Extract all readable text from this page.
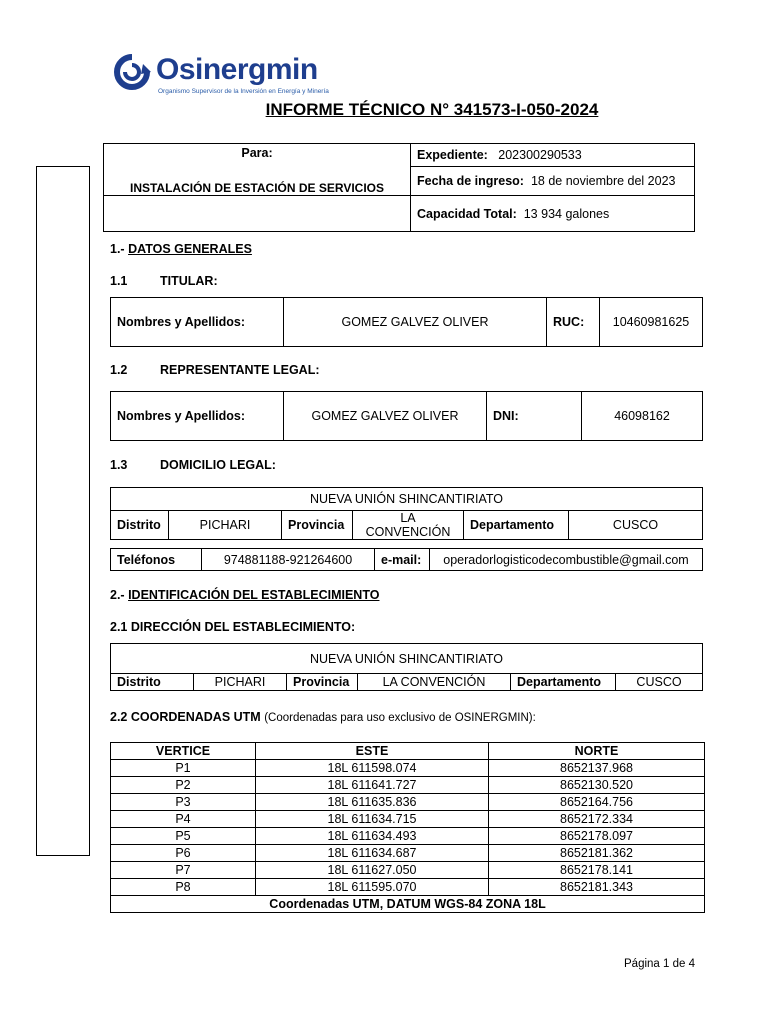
Osinergmin
Organismo Supervisor de la Inversión en Energía y Minería
INFORME TÉCNICO N° 341573-I-050-2024
Para:
INSTALACIÓN DE ESTACIÓN DE SERVICIOS	Expediente: 202300290533
	Fecha de ingreso: 18 de noviembre del 2023
	Capacidad Total: 13 934 galones
1.- DATOS GENERALES
1.1	TITULAR:
Nombres y Apellidos:	GOMEZ GALVEZ OLIVER	RUC:	10460981625
1.2	REPRESENTANTE LEGAL:
Nombres y Apellidos:	GOMEZ GALVEZ OLIVER	DNI:	46098162
1.3	DOMICILIO LEGAL:
NUEVA UNIÓN SHINCANTIRIATO
Distrito	PICHARI	Provincia	LA CONVENCIÓN	Departamento	CUSCO
Teléfonos	974881188-921264600	e-mail:	operadorlogisticodecombustible@gmail.com
2.- IDENTIFICACIÓN DEL ESTABLECIMIENTO
2.1 DIRECCIÓN DEL ESTABLECIMIENTO:
NUEVA UNIÓN SHINCANTIRIATO
Distrito	PICHARI	Provincia	LA CONVENCIÓN	Departamento	CUSCO
2.2 COORDENADAS UTM (Coordenadas para uso exclusivo de OSINERGMIN):
VERTICE	ESTE	NORTE
P1	18L 611598.074	8652137.968
P2	18L 611641.727	8652130.520
P3	18L 611635.836	8652164.756
P4	18L 611634.715	8652172.334
P5	18L 611634.493	8652178.097
P6	18L 611634.687	8652181.362
P7	18L 611627.050	8652178.141
P8	18L 611595.070	8652181.343
Coordenadas UTM, DATUM WGS-84 ZONA 18L		
Página 1 de 4
